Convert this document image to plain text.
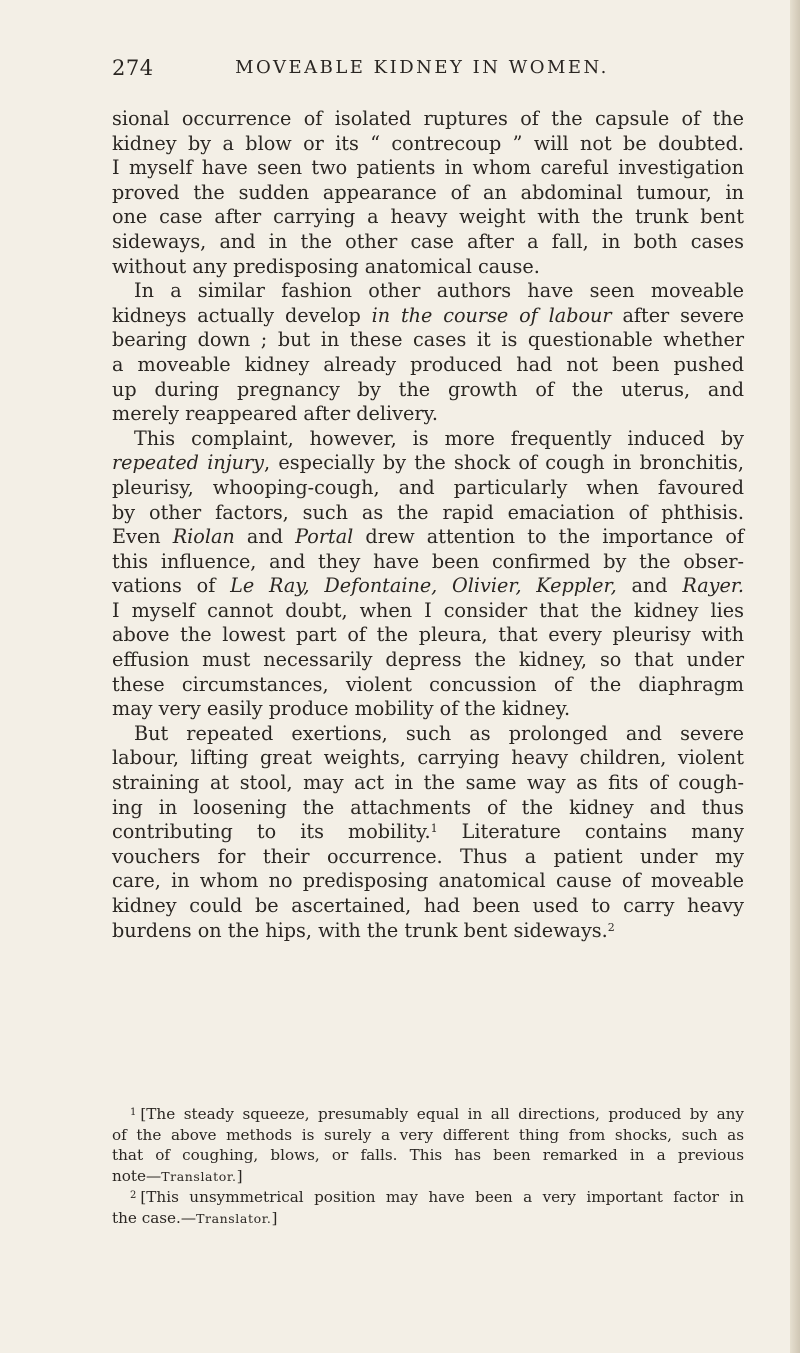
274	MOVEABLE KIDNEY IN WOMEN.
sional occurrence of isolated ruptures of the capsule of the
kidney by a blow or its “ contrecoup ” will not be doubted.
I myself have seen two patients in whom careful investigation
proved the sudden appearance of an abdominal tumour, in
one case after carrying a heavy weight with the trunk bent
sideways, and in the other case after a fall, in both cases
without any predisposing anatomical cause.
In a similar fashion other authors have seen moveable
kidneys actually develop in the course of labour after severe
bearing down ; but in these cases it is questionable whether
a moveable kidney already produced had not been pushed
up during pregnancy by the growth of the uterus, and
merely reappeared after delivery.
This complaint, however, is more frequently induced by
repeated injury, especially by the shock of cough in bronchitis,
pleurisy, whooping-cough, and particularly when favoured
by other factors, such as the rapid emaciation of phthisis.
Even Riolan and Portal drew attention to the importance of
this influence, and they have been confirmed by the obser-
vations of Le Ray, Defontaine, Olivier, Keppler, and Rayer.
I myself cannot doubt, when I consider that the kidney lies
above the lowest part of the pleura, that every pleurisy with
effusion must necessarily depress the kidney, so that under
these circumstances, violent concussion of the diaphragm
may very easily produce mobility of the kidney.
But repeated exertions, such as prolonged and severe
labour, lifting great weights, carrying heavy children, violent
straining at stool, may act in the same way as fits of cough-
ing in loosening the attachments of the kidney and thus
contributing to its mobility.$^1$ Literature contains many
vouchers for their occurrence. Thus a patient under my
care, in whom no predisposing anatomical cause of moveable
kidney could be ascertained, had been used to carry heavy
burdens on the hips, with the trunk bent sideways.$^2$
$^1$ [The steady squeeze, presumably equal in all directions, produced by any
of the above methods is surely a very different thing from shocks, such as
that of coughing, blows, or falls. This has been remarked in a previous
note—Translator.]
$^2$ [This unsymmetrical position may have been a very important factor in
the case.—Translator.]
